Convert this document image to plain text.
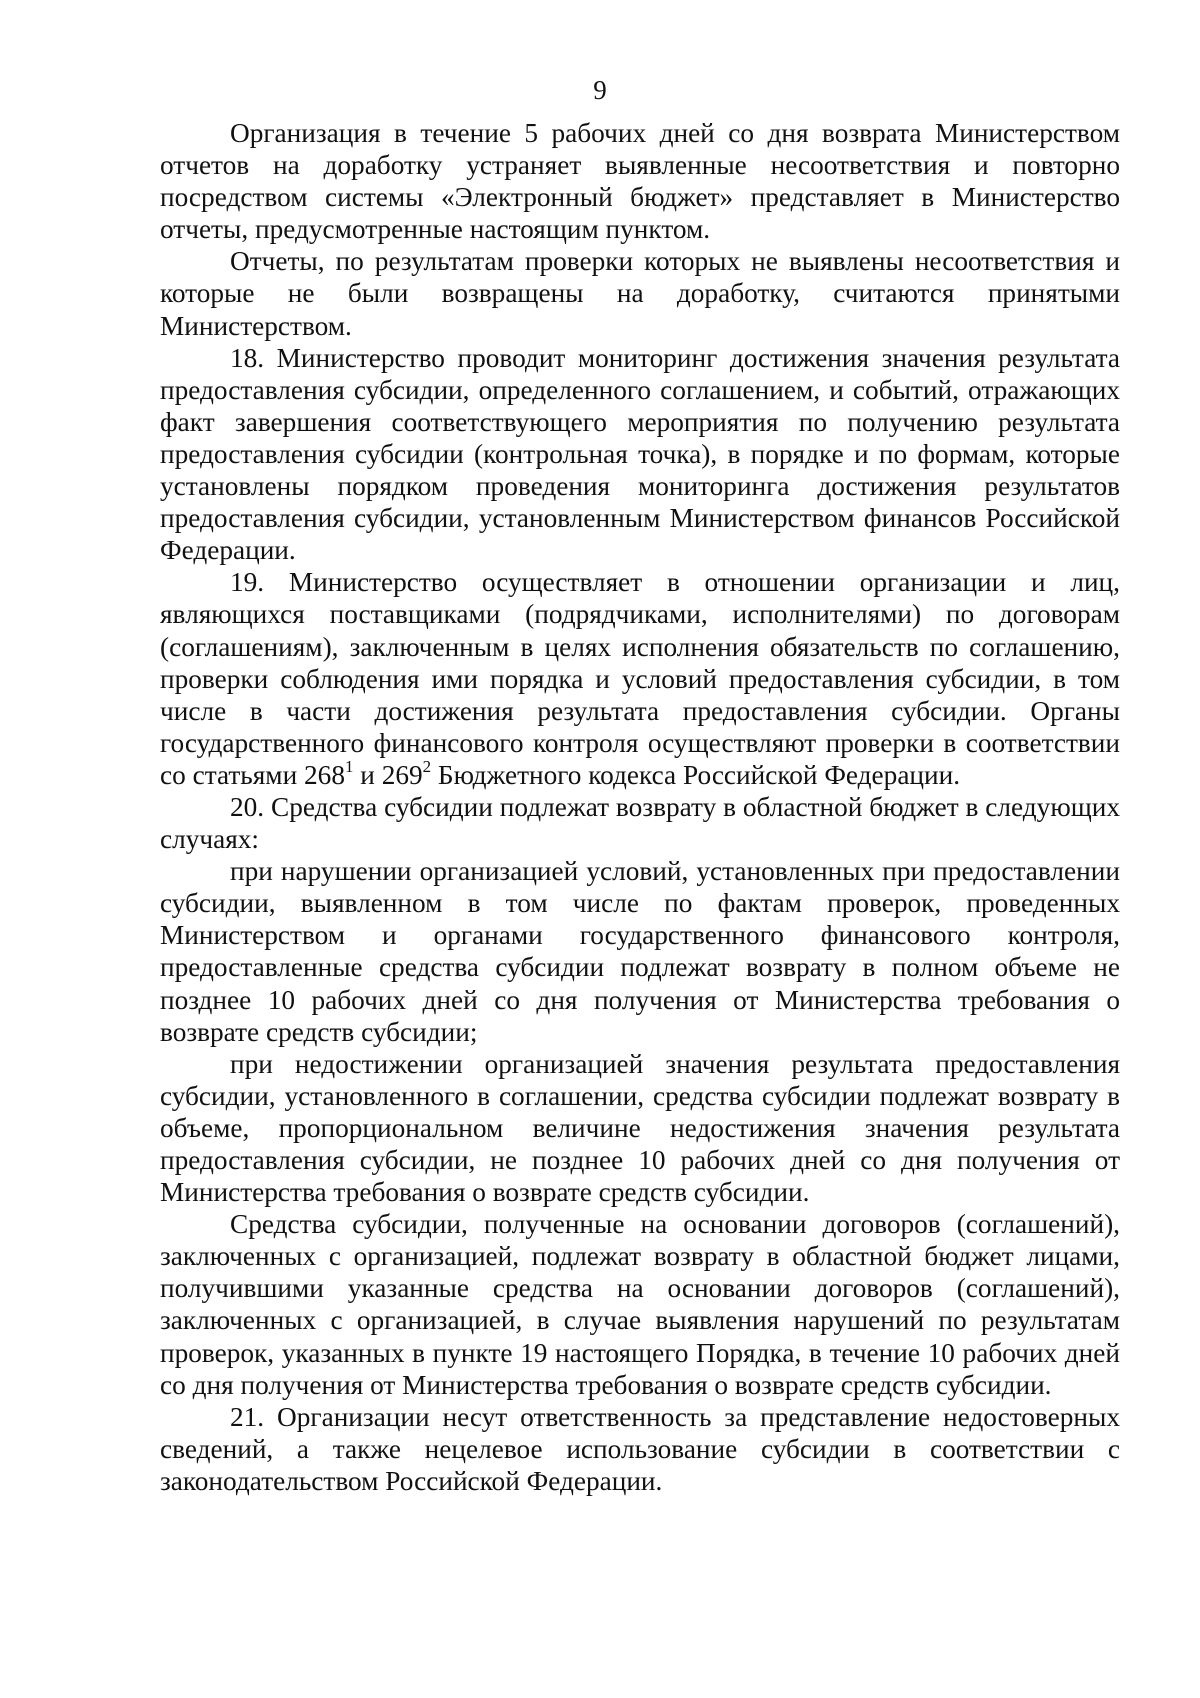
9

Организация в течение 5 рабочих дней со дня возврата Министерством отчетов на доработку устраняет выявленные несоответствия и повторно посредством системы «Электронный бюджет» представляет в Министерство отчеты, предусмотренные настоящим пунктом.

Отчеты, по результатам проверки которых не выявлены несоответствия и которые не были возвращены на доработку, считаются принятыми Министерством.

18. Министерство проводит мониторинг достижения значения результата предоставления субсидии, определенного соглашением, и событий, отражающих факт завершения соответствующего мероприятия по получению результата предоставления субсидии (контрольная точка), в порядке и по формам, которые установлены порядком проведения мониторинга достижения результатов предоставления субсидии, установленным Министерством финансов Российской Федерации.

19. Министерство осуществляет в отношении организации и лиц, являющихся поставщиками (подрядчиками, исполнителями) по договорам (соглашениям), заключенным в целях исполнения обязательств по соглашению, проверки соблюдения ими порядка и условий предоставления субсидии, в том числе в части достижения результата предоставления субсидии. Органы государственного финансового контроля осуществляют проверки в соответствии со статьями $268^1$ и $269^2$ Бюджетного кодекса Российской Федерации.

20. Средства субсидии подлежат возврату в областной бюджет в следующих случаях:

при нарушении организацией условий, установленных при предоставлении субсидии, выявленном в том числе по фактам проверок, проведенных Министерством и органами государственного финансового контроля, предоставленные средства субсидии подлежат возврату в полном объеме не позднее 10 рабочих дней со дня получения от Министерства требования о возврате средств субсидии;

при недостижении организацией значения результата предоставления субсидии, установленного в соглашении, средства субсидии подлежат возврату в объеме, пропорциональном величине недостижения значения результата предоставления субсидии, не позднее 10 рабочих дней со дня получения от Министерства требования о возврате средств субсидии.

Средства субсидии, полученные на основании договоров (соглашений), заключенных с организацией, подлежат возврату в областной бюджет лицами, получившими указанные средства на основании договоров (соглашений), заключенных с организацией, в случае выявления нарушений по результатам проверок, указанных в пункте 19 настоящего Порядка, в течение 10 рабочих дней со дня получения от Министерства требования о возврате средств субсидии.

21. Организации несут ответственность за представление недостоверных сведений, а также нецелевое использование субсидии в соответствии с законодательством Российской Федерации.
